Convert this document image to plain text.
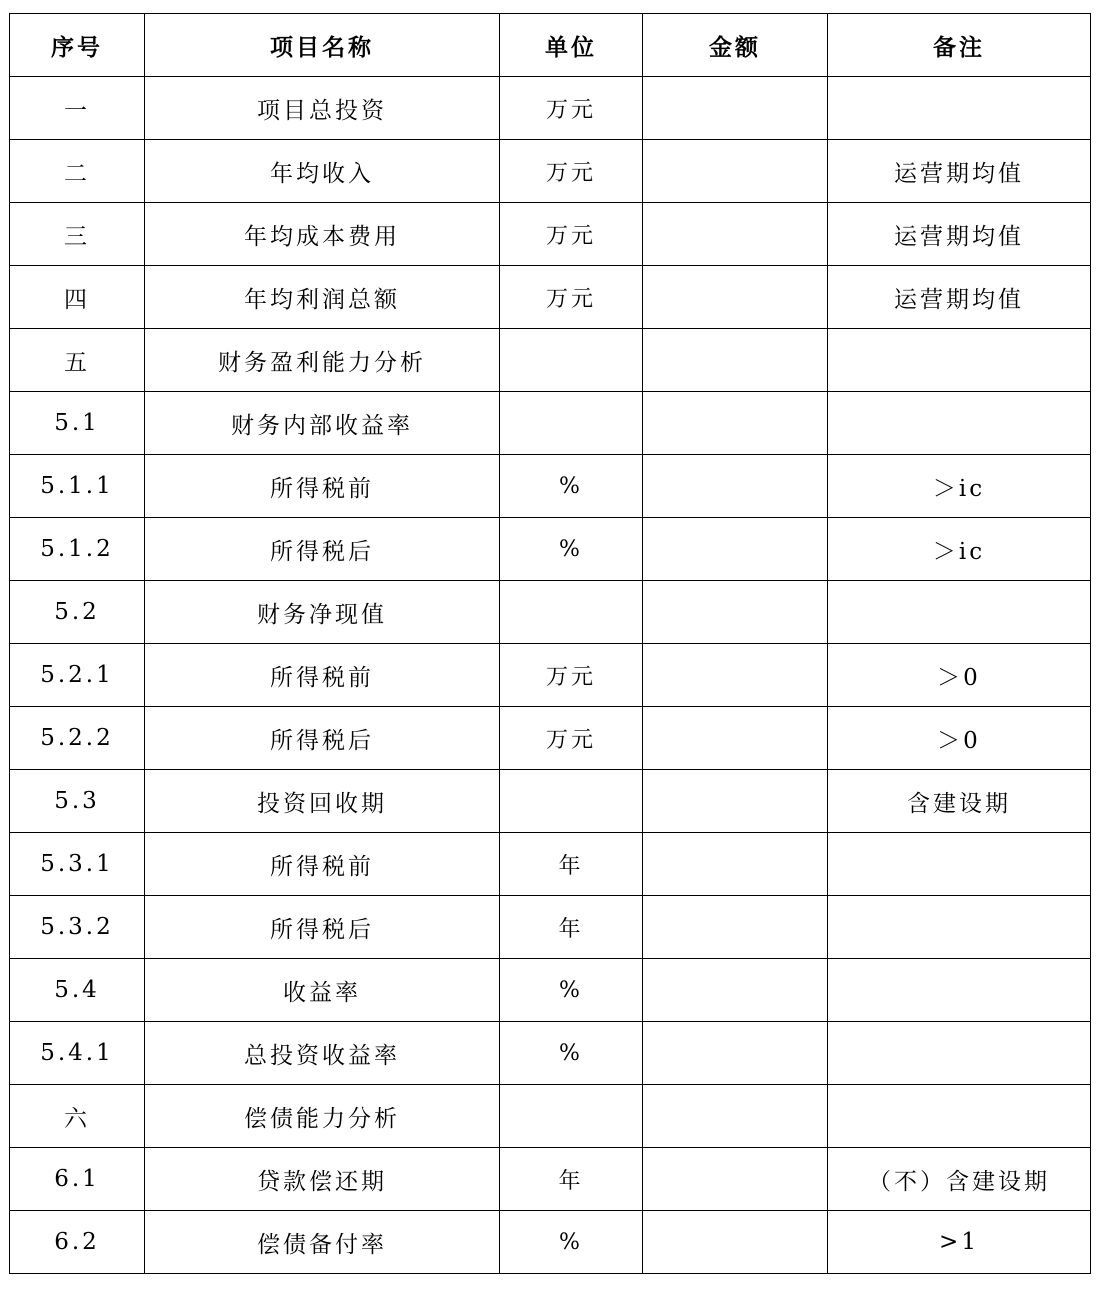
序号	项目名称	单位	金额	备注
一	项目总投资	万元		
二	年均收入	万元		运营期均值
三	年均成本费用	万元		运营期均值
四	年均利润总额	万元		运营期均值
五	财务盈利能力分析			
5.1	财务内部收益率			
5.1.1	所得税前	%		＞ic
5.1.2	所得税后	%		＞ic
5.2	财务净现值			
5.2.1	所得税前	万元		＞0
5.2.2	所得税后	万元		＞0
5.3	投资回收期			含建设期
5.3.1	所得税前	年		
5.3.2	所得税后	年		
5.4	收益率	%		
5.4.1	总投资收益率	%		
六	偿债能力分析			
6.1	贷款偿还期	年		（不）含建设期
6.2	偿债备付率	%		>1
